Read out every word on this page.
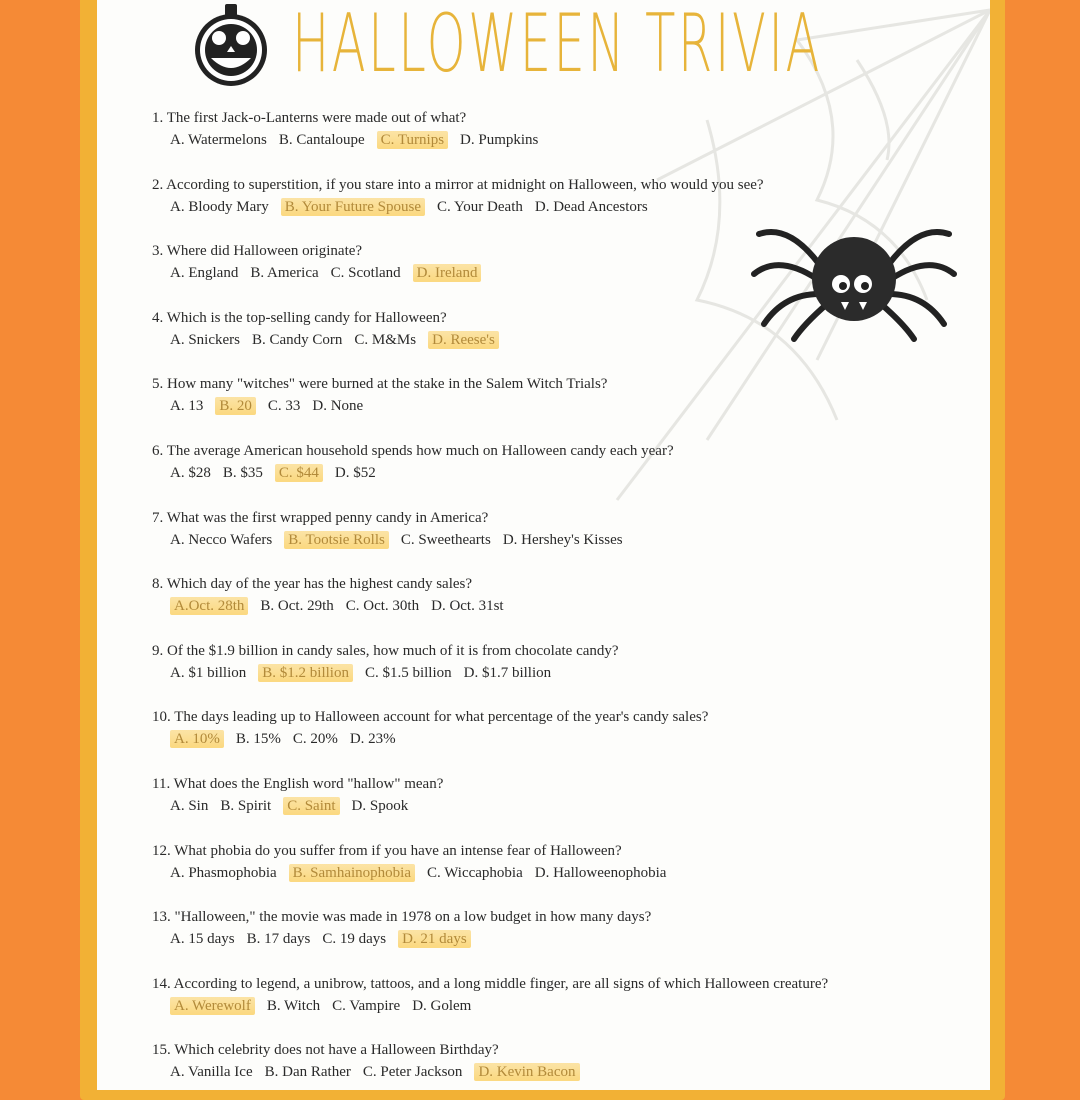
HALLOWEEN TRIVIA
1. The first Jack-o-Lanterns were made out of what?
A. Watermelons B. Cantaloupe C. Turnips D. Pumpkins
2. According to superstition, if you stare into a mirror at midnight on Halloween, who would you see?
A. Bloody Mary B. Your Future Spouse C. Your Death D. Dead Ancestors
3. Where did Halloween originate?
A. England B. America C. Scotland D. Ireland
4. Which is the top-selling candy for Halloween?
A. Snickers B. Candy Corn C. M&Ms D. Reese's
5. How many "witches" were burned at the stake in the Salem Witch Trials?
A. 13 B. 20 C. 33 D. None
6. The average American household spends how much on Halloween candy each year?
A. $28 B. $35 C. $44 D. $52
7. What was the first wrapped penny candy in America?
A. Necco Wafers B. Tootsie Rolls C. Sweethearts D. Hershey's Kisses
8. Which day of the year has the highest candy sales?
A.Oct. 28th B. Oct. 29th C. Oct. 30th D. Oct. 31st
9. Of the $1.9 billion in candy sales, how much of it is from chocolate candy?
A. $1 billion B. $1.2 billion C. $1.5 billion D. $1.7 billion
10. The days leading up to Halloween account for what percentage of the year's candy sales?
A. 10% B. 15% C. 20% D. 23%
11. What does the English word "hallow" mean?
A. Sin B. Spirit C. Saint D. Spook
12. What phobia do you suffer from if you have an intense fear of Halloween?
A. Phasmophobia B. Samhainophobia C. Wiccaphobia D. Halloweenophobia
13. "Halloween," the movie was made in 1978 on a low budget in how many days?
A. 15 days B. 17 days C. 19 days D. 21 days
14. According to legend, a unibrow, tattoos, and a long middle finger, are all signs of which Halloween creature?
A. Werewolf B. Witch C. Vampire D. Golem
15. Which celebrity does not have a Halloween Birthday?
A. Vanilla Ice B. Dan Rather C. Peter Jackson D. Kevin Bacon
